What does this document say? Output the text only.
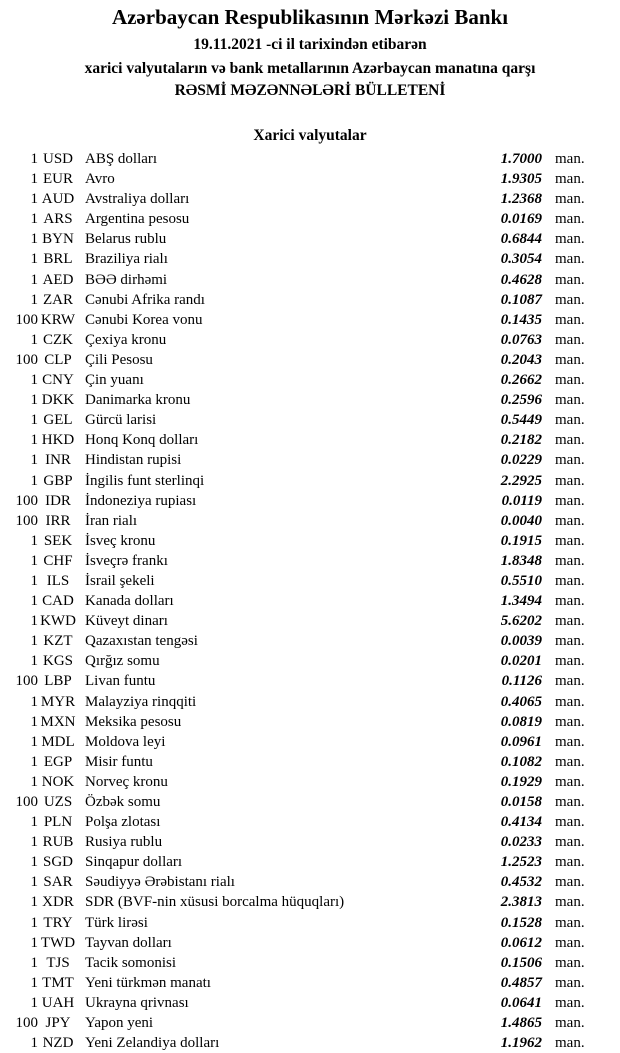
Azərbaycan Respublikasının Mərkəzi Bankı
19.11.2021 -ci il tarixindən etibarən
xarici valyutaların və bank metallarının Azərbaycan manatına qarşı
RƏSMİ MƏZƏNNƏLƏRİ BÜLLETENİ
Xarici valyutalar
1 USD ABŞ dolları	1.7000 man.
1 EUR Avro	1.9305 man.
1 AUD Avstraliya dolları	1.2368 man.
1 ARS Argentina pesosu	0.0169 man.
1 BYN Belarus rublu	0.6844 man.
1 BRL Braziliya rialı	0.3054 man.
1 AED BƏƏ dirhəmi	0.4628 man.
1 ZAR Cənubi Afrika randı	0.1087 man.
100 KRW Cənubi Korea vonu	0.1435 man.
1 CZK Çexiya kronu	0.0763 man.
100 CLP Çili Pesosu	0.2043 man.
1 CNY Çin yuanı	0.2662 man.
1 DKK Danimarka kronu	0.2596 man.
1 GEL Gürcü larisi	0.5449 man.
1 HKD Honq Konq dolları	0.2182 man.
1 INR Hindistan rupisi	0.0229 man.
1 GBP İngilis funt sterlinqi	2.2925 man.
100 IDR İndoneziya rupiası	0.0119 man.
100 IRR İran rialı	0.0040 man.
1 SEK İsveç kronu	0.1915 man.
1 CHF İsveçrə frankı	1.8348 man.
1 ILS	İsrail şekeli	0.5510 man.
1 CAD Kanada dolları	1.3494 man.
1 KWD Küveyt dinarı	5.6202 man.
1 KZT Qazaxıstan tengəsi	0.0039 man.
1 KGS Qırğız somu	0.0201 man.
100 LBP Livan funtu	0.1126 man.
1 MYR Malayziya rinqqiti	0.4065 man.
1 MXN Meksika pesosu	0.0819 man.
1 MDL Moldova leyi	0.0961 man.
1 EGP Misir funtu	0.1082 man.
1 NOK Norveç kronu	0.1929 man.
100 UZS Özbək somu	0.0158 man.
1 PLN Polşa zlotası	0.4134 man.
1 RUB Rusiya rublu	0.0233 man.
1 SGD Sinqapur dolları	1.2523 man.
1 SAR Səudiyyə Ərəbistanı rialı	0.4532 man.
1 XDR SDR (BVF-nin xüsusi borcalma hüquqları)	2.3813 man.
1 TRY Türk lirəsi	0.1528 man.
1 TWD Tayvan dolları	0.0612 man.
1 TJS	Tacik somonisi	0.1506 man.
1 TMT Yeni türkmən manatı	0.4857 man.
1 UAH Ukrayna qrivnası	0.0641 man.
100 JPY Yapon yeni	1.4865 man.
1 NZD Yeni Zelandiya dolları	1.1962 man.
